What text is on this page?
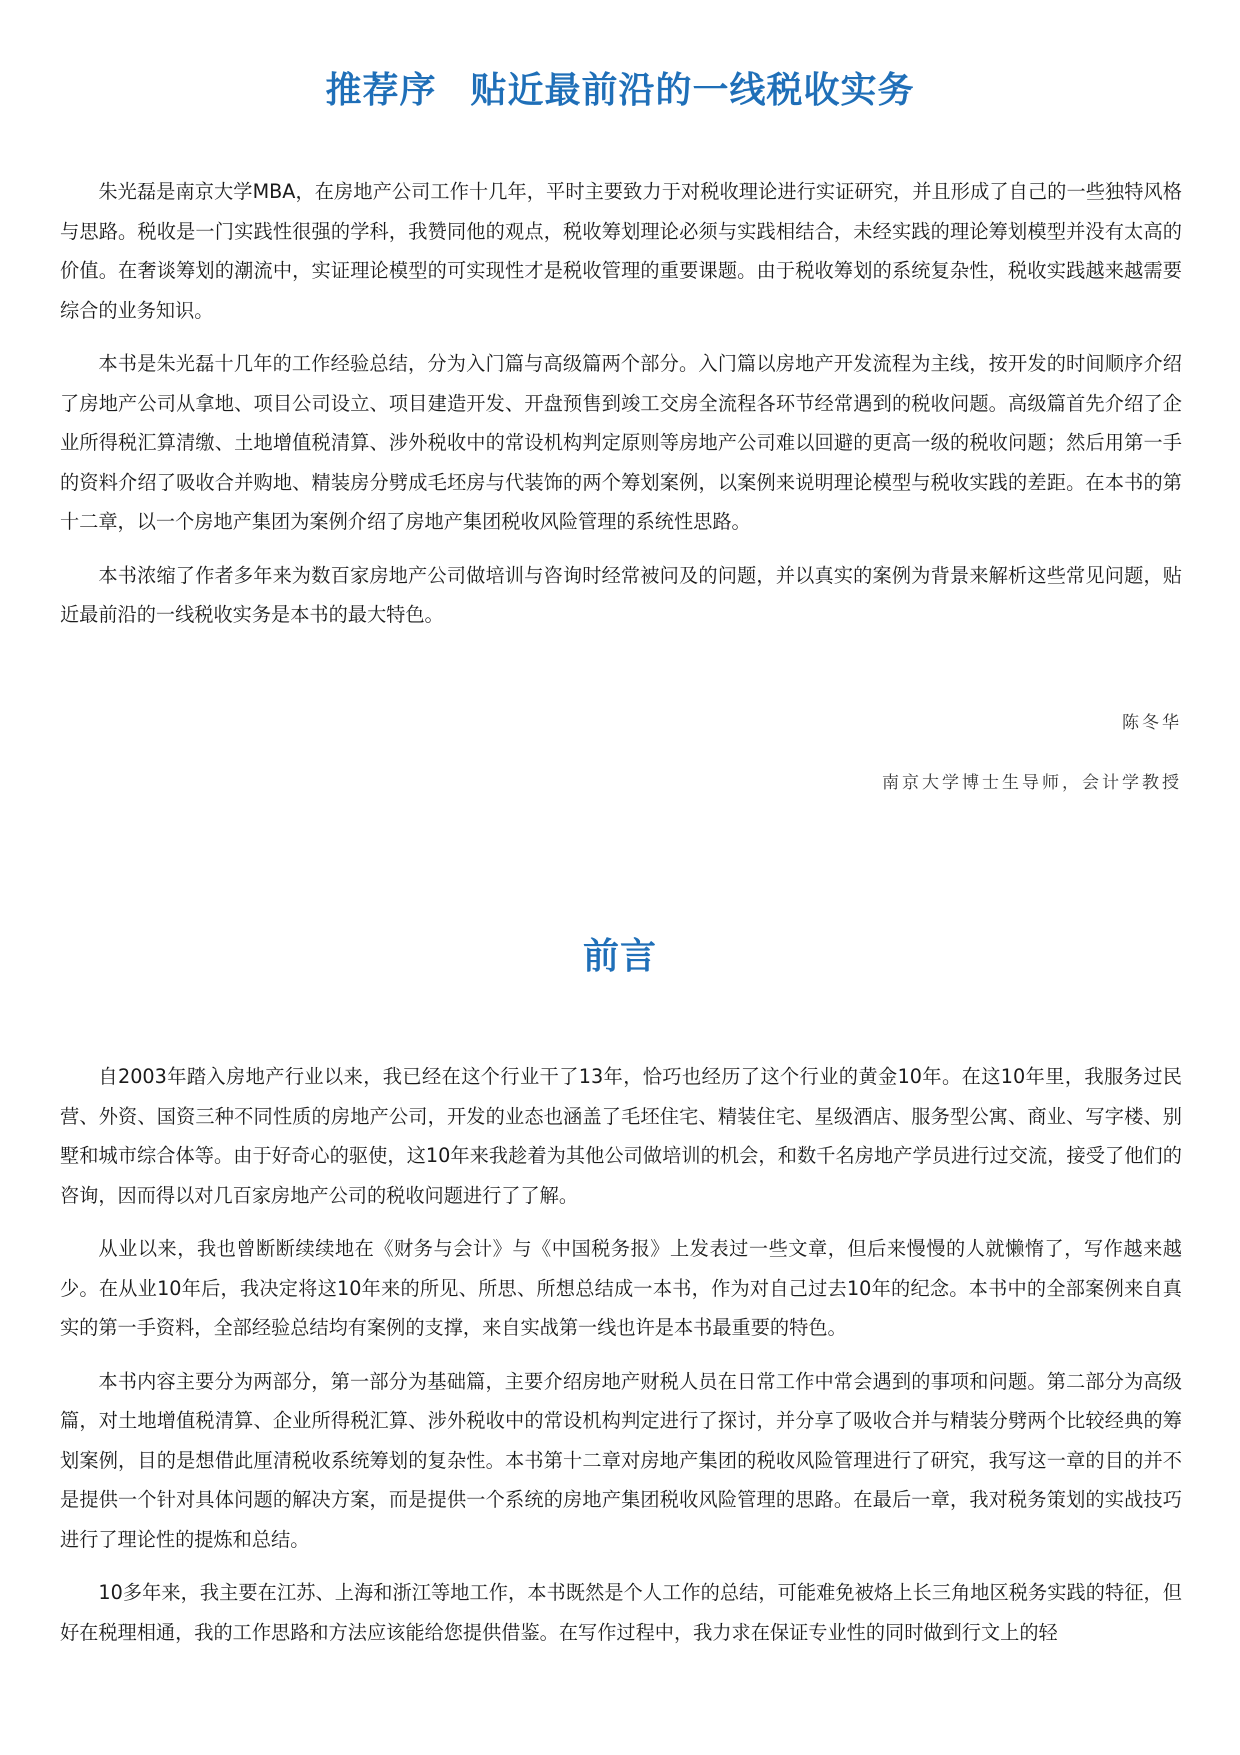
推荐序 贴近最前沿的一线税收实务

朱光磊是南京大学MBA，在房地产公司工作十几年，平时主要致力于对税收理论进行实证研究，并且形成了自己的一些独特风格与思路。税收是一门实践性很强的学科，我赞同他的观点，税收筹划理论必须与实践相结合，未经实践的理论筹划模型并没有太高的价值。在奢谈筹划的潮流中，实证理论模型的可实现性才是税收管理的重要课题。由于税收筹划的系统复杂性，税收实践越来越需要综合的业务知识。

本书是朱光磊十几年的工作经验总结，分为入门篇与高级篇两个部分。入门篇以房地产开发流程为主线，按开发的时间顺序介绍了房地产公司从拿地、项目公司设立、项目建造开发、开盘预售到竣工交房全流程各环节经常遇到的税收问题。高级篇首先介绍了企业所得税汇算清缴、土地增值税清算、涉外税收中的常设机构判定原则等房地产公司难以回避的更高一级的税收问题；然后用第一手的资料介绍了吸收合并购地、精装房分劈成毛坯房与代装饰的两个筹划案例，以案例来说明理论模型与税收实践的差距。在本书的第十二章，以一个房地产集团为案例介绍了房地产集团税收风险管理的系统性思路。

本书浓缩了作者多年来为数百家房地产公司做培训与咨询时经常被问及的问题，并以真实的案例为背景来解析这些常见问题，贴近最前沿的一线税收实务是本书的最大特色。

陈冬华
南京大学博士生导师，会计学教授
前言

自2003年踏入房地产行业以来，我已经在这个行业干了13年，恰巧也经历了这个行业的黄金10年。在这10年里，我服务过民营、外资、国资三种不同性质的房地产公司，开发的业态也涵盖了毛坯住宅、精装住宅、星级酒店、服务型公寓、商业、写字楼、别墅和城市综合体等。由于好奇心的驱使，这10年来我趁着为其他公司做培训的机会，和数千名房地产学员进行过交流，接受了他们的咨询，因而得以对几百家房地产公司的税收问题进行了了解。

从业以来，我也曾断断续续地在《财务与会计》与《中国税务报》上发表过一些文章，但后来慢慢的人就懒惰了，写作越来越少。在从业10年后，我决定将这10年来的所见、所思、所想总结成一本书，作为对自己过去10年的纪念。本书中的全部案例来自真实的第一手资料，全部经验总结均有案例的支撑，来自实战第一线也许是本书最重要的特色。

本书内容主要分为两部分，第一部分为基础篇，主要介绍房地产财税人员在日常工作中常会遇到的事项和问题。第二部分为高级篇，对土地增值税清算、企业所得税汇算、涉外税收中的常设机构判定进行了探讨，并分享了吸收合并与精装分劈两个比较经典的筹划案例，目的是想借此厘清税收系统筹划的复杂性。本书第十二章对房地产集团的税收风险管理进行了研究，我写这一章的目的并不是提供一个针对具体问题的解决方案，而是提供一个系统的房地产集团税收风险管理的思路。在最后一章，我对税务策划的实战技巧进行了理论性的提炼和总结。

10多年来，我主要在江苏、上海和浙江等地工作，本书既然是个人工作的总结，可能难免被烙上长三角地区税务实践的特征，但好在税理相通，我的工作思路和方法应该能给您提供借鉴。在写作过程中，我力求在保证专业性的同时做到行文上的轻
